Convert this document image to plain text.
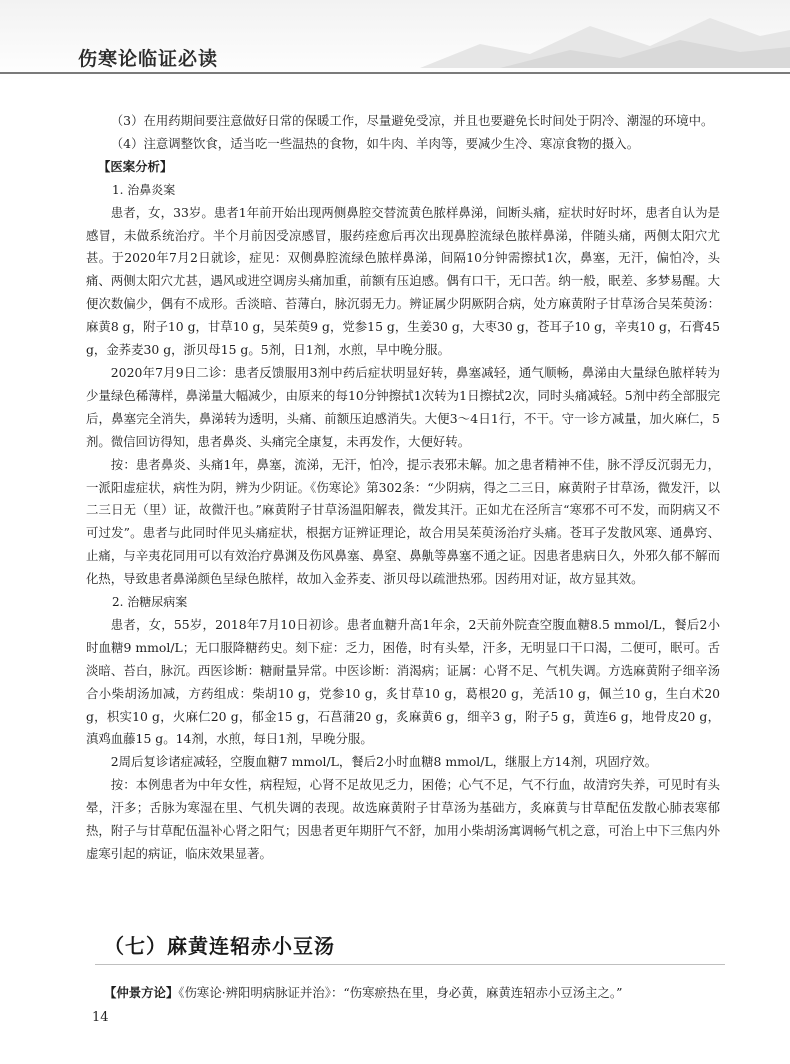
伤寒论临证必读

（3）在用药期间要注意做好日常的保暖工作，尽量避免受凉，并且也要避免长时间处于阴冷、潮湿的环境中。

（4）注意调整饮食，适当吃一些温热的食物，如牛肉、羊肉等，要减少生冷、寒凉食物的摄入。

【医案分析】

1. 治鼻炎案

患者，女，33岁。患者1年前开始出现两侧鼻腔交替流黄色脓样鼻涕，间断头痛，症状时好时坏，患者自认为是感冒，未做系统治疗。半个月前因受凉感冒，服药痊愈后再次出现鼻腔流绿色脓样鼻涕，伴随头痛，两侧太阳穴尤甚。于2020年7月2日就诊，症见：双侧鼻腔流绿色脓样鼻涕，间隔10分钟需擦拭1次，鼻塞，无汗，偏怕冷，头痛、两侧太阳穴尤甚，遇风或进空调房头痛加重，前额有压迫感。偶有口干，无口苦。纳一般，眠差、多梦易醒。大便次数偏少，偶有不成形。舌淡暗、苔薄白，脉沉弱无力。辨证属少阴厥阴合病，处方麻黄附子甘草汤合吴茱萸汤：麻黄8 g，附子10 g，甘草10 g，吴茱萸9 g，党参15 g，生姜30 g，大枣30 g，苍耳子10 g，辛夷10 g，石膏45 g，金荞麦30 g，浙贝母15 g。5剂，日1剂，水煎，早中晚分服。

2020年7月9日二诊：患者反馈服用3剂中药后症状明显好转，鼻塞减轻，通气顺畅，鼻涕由大量绿色脓样转为少量绿色稀薄样，鼻涕量大幅减少，由原来的每10分钟擦拭1次转为1日擦拭2次，同时头痛减轻。5剂中药全部服完后，鼻塞完全消失，鼻涕转为透明，头痛、前额压迫感消失。大便3～4日1行，不干。守一诊方减量，加火麻仁，5剂。微信回访得知，患者鼻炎、头痛完全康复，未再发作，大便好转。

按：患者鼻炎、头痛1年，鼻塞，流涕，无汗，怕冷，提示表邪未解。加之患者精神不佳，脉不浮反沉弱无力，一派阳虚症状，病性为阴，辨为少阴证。《伤寒论》第302条：“少阴病，得之二三日，麻黄附子甘草汤，微发汗，以二三日无（里）证，故微汗也。”麻黄附子甘草汤温阳解表，微发其汗。正如尤在泾所言“寒邪不可不发，而阴病又不可过发”。患者与此同时伴见头痛症状，根据方证辨证理论，故合用吴茱萸汤治疗头痛。苍耳子发散风寒、通鼻窍、止痛，与辛夷花同用可以有效治疗鼻渊及伤风鼻塞、鼻窒、鼻鼽等鼻塞不通之证。因患者患病日久，外邪久郁不解而化热，导致患者鼻涕颜色呈绿色脓样，故加入金荞麦、浙贝母以疏泄热邪。因药用对证，故方显其效。

2. 治糖尿病案

患者，女，55岁，2018年7月10日初诊。患者血糖升高1年余，2天前外院查空腹血糖8.5 mmol/L，餐后2小时血糖9 mmol/L；无口服降糖药史。刻下症：乏力，困倦，时有头晕，汗多，无明显口干口渴，二便可，眠可。舌淡暗、苔白，脉沉。西医诊断：糖耐量异常。中医诊断：消渴病；证属：心肾不足、气机失调。方选麻黄附子细辛汤合小柴胡汤加减，方药组成：柴胡10 g，党参10 g，炙甘草10 g，葛根20 g，羌活10 g，佩兰10 g，生白术20 g，枳实10 g，火麻仁20 g，郁金15 g，石菖蒲20 g，炙麻黄6 g，细辛3 g，附子5 g，黄连6 g，地骨皮20 g，滇鸡血藤15 g。14剂，水煎，每日1剂，早晚分服。

2周后复诊诸症减轻，空腹血糖7 mmol/L，餐后2小时血糖8 mmol/L，继服上方14剂，巩固疗效。

按：本例患者为中年女性，病程短，心肾不足故见乏力，困倦；心气不足，气不行血，故清窍失养，可见时有头晕，汗多；舌脉为寒湿在里、气机失调的表现。故选麻黄附子甘草汤为基础方，炙麻黄与甘草配伍发散心肺表寒郁热，附子与甘草配伍温补心肾之阳气；因患者更年期肝气不舒，加用小柴胡汤寓调畅气机之意，可治上中下三焦内外虚寒引起的病证，临床效果显著。

（七）麻黄连轺赤小豆汤
【仲景方论】《伤寒论·辨阳明病脉证并治》：“伤寒瘀热在里，身必黄，麻黄连轺赤小豆汤主之。”
14
